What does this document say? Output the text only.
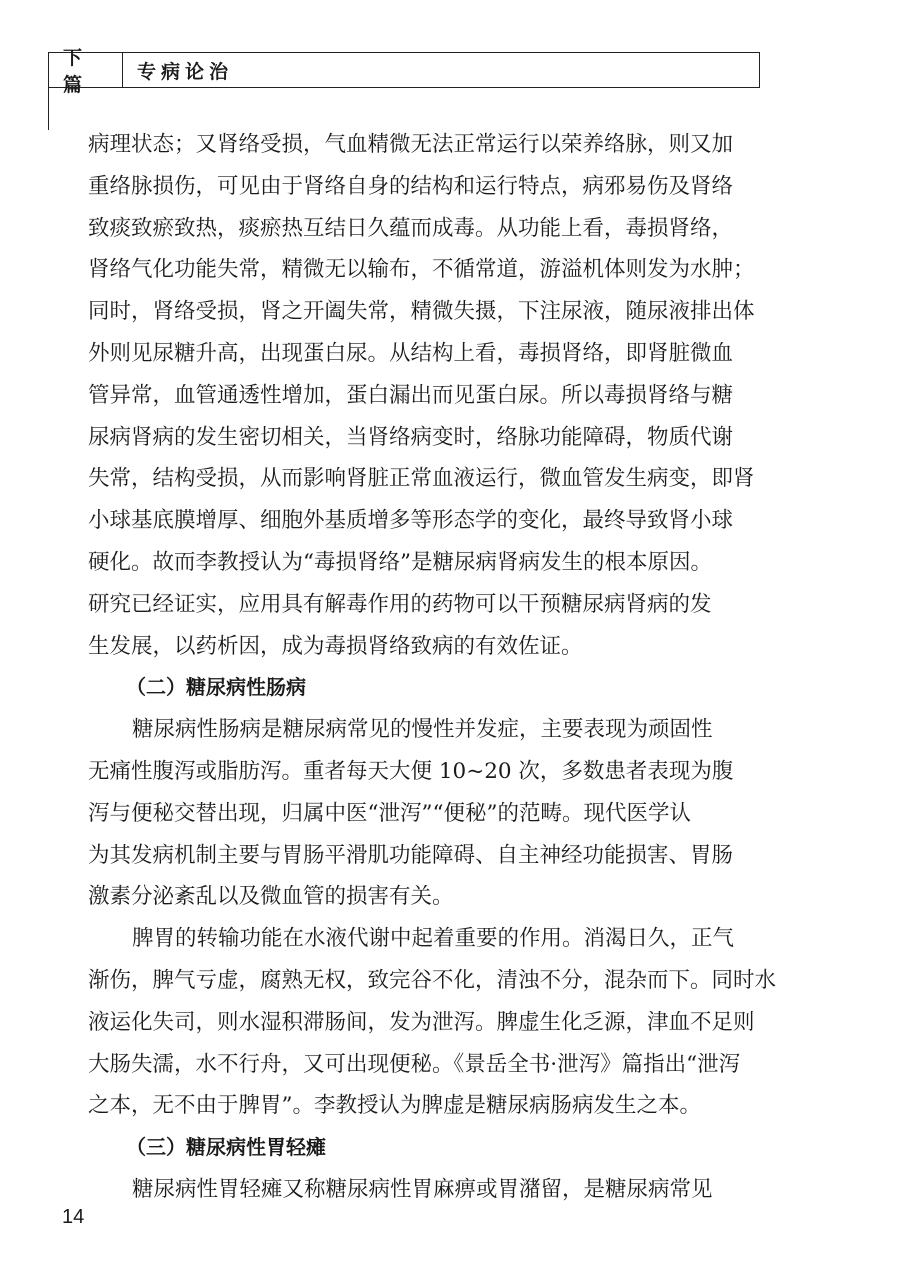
下 篇
专病论治
病理状态；又肾络受损，气血精微无法正常运行以荣养络脉，则又加
重络脉损伤，可见由于肾络自身的结构和运行特点，病邪易伤及肾络
致痰致瘀致热，痰瘀热互结日久蕴而成毒。从功能上看，毒损肾络，
肾络气化功能失常，精微无以输布，不循常道，游溢机体则发为水肿；
同时，肾络受损，肾之开阖失常，精微失摄，下注尿液，随尿液排出体
外则见尿糖升高，出现蛋白尿。从结构上看，毒损肾络，即肾脏微血
管异常，血管通透性增加，蛋白漏出而见蛋白尿。所以毒损肾络与糖
尿病肾病的发生密切相关，当肾络病变时，络脉功能障碍，物质代谢
失常，结构受损，从而影响肾脏正常血液运行，微血管发生病变，即肾
小球基底膜增厚、细胞外基质增多等形态学的变化，最终导致肾小球
硬化。故而李教授认为“毒损肾络”是糖尿病肾病发生的根本原因。
研究已经证实，应用具有解毒作用的药物可以干预糖尿病肾病的发
生发展，以药析因，成为毒损肾络致病的有效佐证。
（二）糖尿病性肠病
糖尿病性肠病是糖尿病常见的慢性并发症，主要表现为顽固性
无痛性腹泻或脂肪泻。重者每天大便 10~20 次，多数患者表现为腹
泻与便秘交替出现，归属中医“泄泻”“便秘”的范畴。现代医学认
为其发病机制主要与胃肠平滑肌功能障碍、自主神经功能损害、胃肠
激素分泌紊乱以及微血管的损害有关。
脾胃的转输功能在水液代谢中起着重要的作用。消渴日久，正气
渐伤，脾气亏虚，腐熟无权，致完谷不化，清浊不分，混杂而下。同时水
液运化失司，则水湿积滞肠间，发为泄泻。脾虚生化乏源，津血不足则
大肠失濡，水不行舟，又可出现便秘。《景岳全书·泄泻》篇指出“泄泻
之本，无不由于脾胃”。李教授认为脾虚是糖尿病肠病发生之本。
（三）糖尿病性胃轻瘫
糖尿病性胃轻瘫又称糖尿病性胃麻痹或胃潴留，是糖尿病常见
14
